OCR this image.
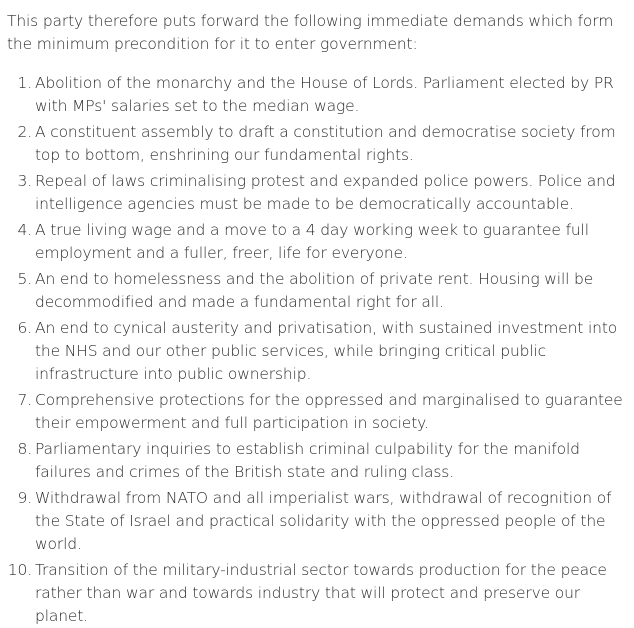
This party therefore puts forward the following immediate demands which form the minimum precondition for it to enter government:

1. Abolition of the monarchy and the House of Lords. Parliament elected by PR with MPs' salaries set to the median wage.
2. A constituent assembly to draft a constitution and democratise society from top to bottom, enshrining our fundamental rights.
3. Repeal of laws criminalising protest and expanded police powers. Police and intelligence agencies must be made to be democratically accountable.
4. A true living wage and a move to a 4 day working week to guarantee full employment and a fuller, freer, life for everyone.
5. An end to homelessness and the abolition of private rent. Housing will be decommodified and made a fundamental right for all.
6. An end to cynical austerity and privatisation, with sustained investment into the NHS and our other public services, while bringing critical public infrastructure into public ownership.
7. Comprehensive protections for the oppressed and marginalised to guarantee their empowerment and full participation in society.
8. Parliamentary inquiries to establish criminal culpability for the manifold failures and crimes of the British state and ruling class.
9. Withdrawal from NATO and all imperialist wars, withdrawal of recognition of the State of Israel and practical solidarity with the oppressed people of the world.
10. Transition of the military-industrial sector towards production for the peace rather than war and towards industry that will protect and preserve our planet.
